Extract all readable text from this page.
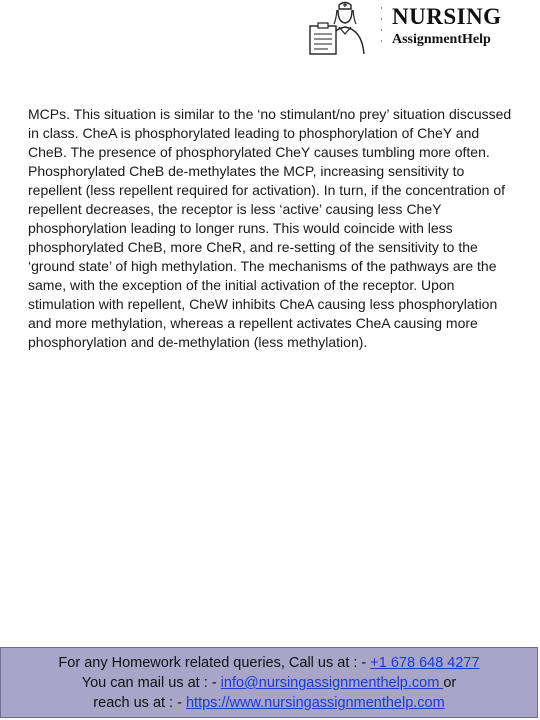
·
·
·
·
NURSING
AssignmentHelp

MCPs. This situation is similar to the ‘no stimulant/no prey’ situation discussed in class. CheA is phosphorylated leading to phosphorylation of CheY and CheB. The presence of phosphorylated CheY causes tumbling more often. Phosphorylated CheB de-methylates the MCP, increasing sensitivity to repellent (less repellent required for activation). In turn, if the concentration of repellent decreases, the receptor is less ‘active’ causing less CheY phosphorylation leading to longer runs. This would coincide with less phosphorylated CheB, more CheR, and re-setting of the sensitivity to the ‘ground state’ of high methylation. The mechanisms of the pathways are the same, with the exception of the initial activation of the receptor. Upon stimulation with repellent, CheW inhibits CheA causing less phosphorylation and more methylation, whereas a repellent activates CheA causing more phosphorylation and de-methylation (less methylation).

For any Homework related queries, Call us at : - +1 678 648 4277
You can mail us at : - info@nursingassignmenthelp.com or
reach us at : - https://www.nursingassignmenthelp.com
